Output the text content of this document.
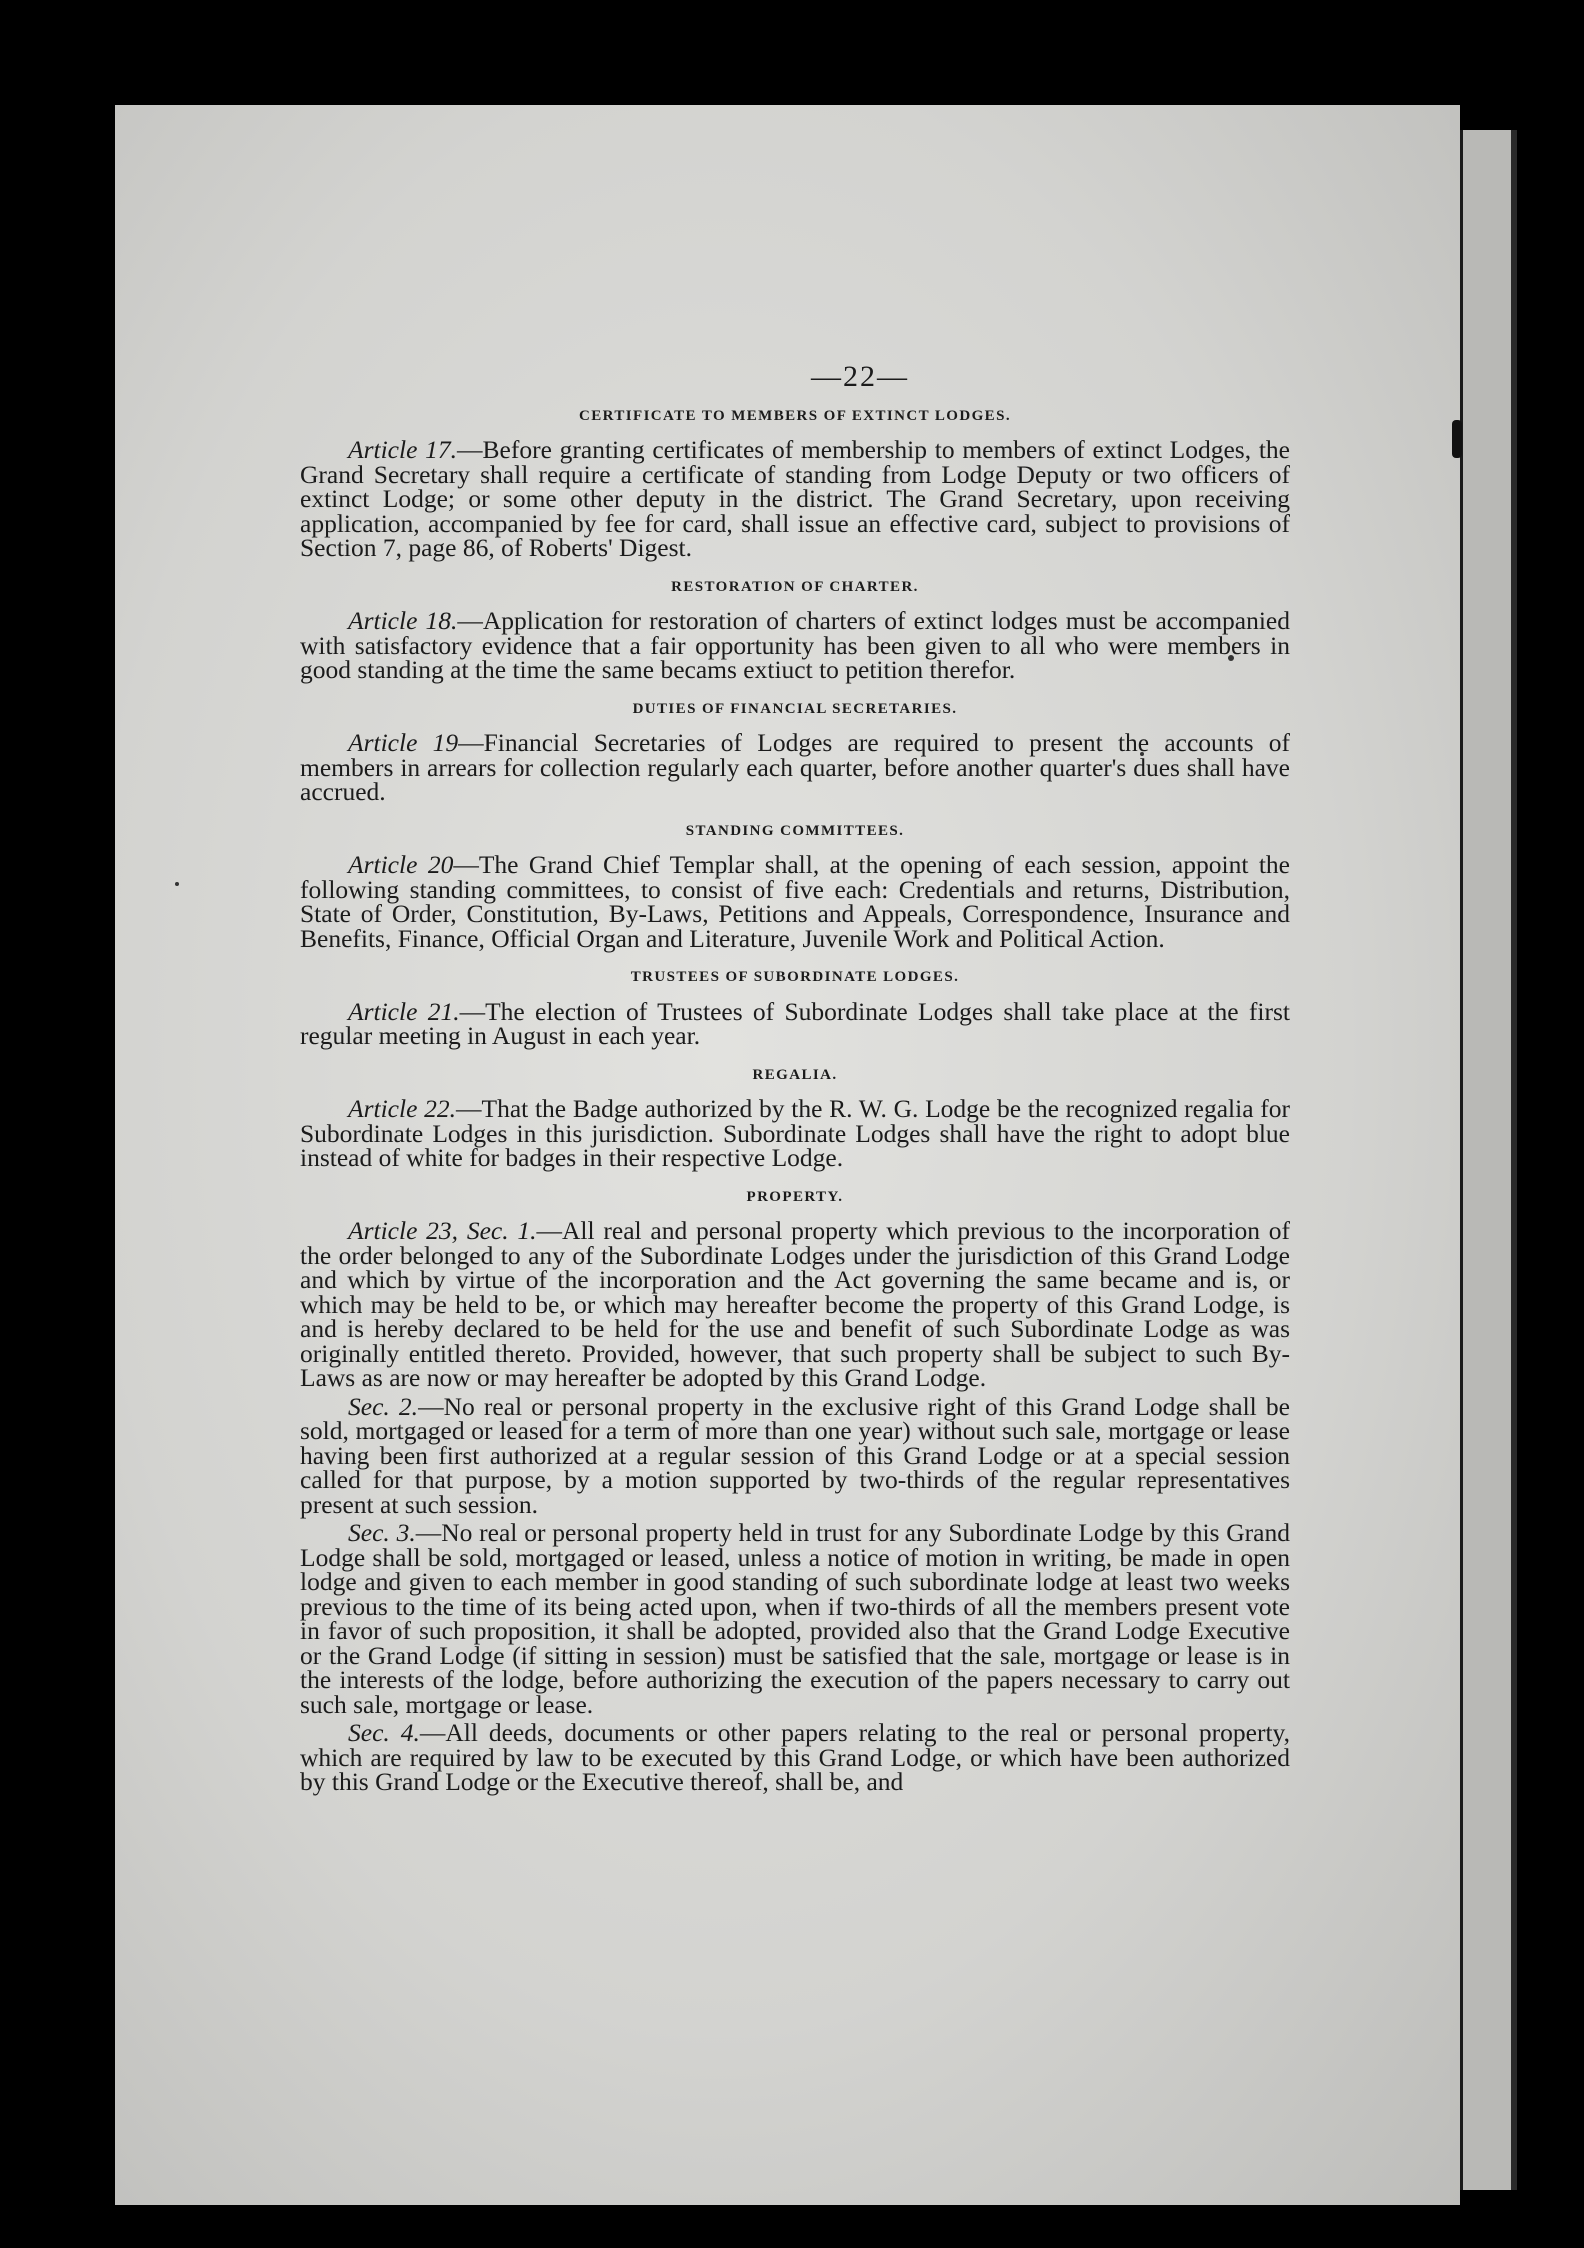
—22—
CERTIFICATE TO MEMBERS OF EXTINCT LODGES.

Article 17.—Before granting certificates of membership to members of extinct Lodges, the Grand Secretary shall require a certificate of standing from Lodge Deputy or two officers of extinct Lodge; or some other deputy in the district. The Grand Secretary, upon receiving application, accompanied by fee for card, shall issue an effective card, subject to provisions of Section 7, page 86, of Roberts' Digest.

RESTORATION OF CHARTER.

Article 18.—Application for restoration of charters of extinct lodges must be accompanied with satisfactory evidence that a fair opportunity has been given to all who were members in good standing at the time the same becams extiuct to petition therefor.

DUTIES OF FINANCIAL SECRETARIES.

Article 19—Financial Secretaries of Lodges are required to present the accounts of members in arrears for collection regularly each quarter, before another quarter's dues shall have accrued.

STANDING COMMITTEES.

Article 20—The Grand Chief Templar shall, at the opening of each session, appoint the following standing committees, to consist of five each: Credentials and returns, Distribution, State of Order, Constitution, By-Laws, Petitions and Appeals, Correspondence, Insurance and Benefits, Finance, Official Organ and Literature, Juvenile Work and Political Action.

TRUSTEES OF SUBORDINATE LODGES.

Article 21.—The election of Trustees of Subordinate Lodges shall take place at the first regular meeting in August in each year.

REGALIA.

Article 22.—That the Badge authorized by the R. W. G. Lodge be the recognized regalia for Subordinate Lodges in this jurisdiction. Subordinate Lodges shall have the right to adopt blue instead of white for badges in their respective Lodge.

PROPERTY.

Article 23, Sec. 1.—All real and personal property which previous to the incorporation of the order belonged to any of the Subordinate Lodges under the jurisdiction of this Grand Lodge and which by virtue of the incorporation and the Act governing the same became and is, or which may be held to be, or which may hereafter become the property of this Grand Lodge, is and is hereby declared to be held for the use and benefit of such Subordinate Lodge as was originally entitled thereto. Provided, however, that such property shall be subject to such By-Laws as are now or may hereafter be adopted by this Grand Lodge.

Sec. 2.—No real or personal property in the exclusive right of this Grand Lodge shall be sold, mortgaged or leased for a term of more than one year) without such sale, mortgage or lease having been first authorized at a regular session of this Grand Lodge or at a special session called for that purpose, by a motion supported by two-thirds of the regular representatives present at such session.

Sec. 3.—No real or personal property held in trust for any Subordinate Lodge by this Grand Lodge shall be sold, mortgaged or leased, unless a notice of motion in writing, be made in open lodge and given to each member in good standing of such subordinate lodge at least two weeks previous to the time of its being acted upon, when if two-thirds of all the members present vote in favor of such proposition, it shall be adopted, provided also that the Grand Lodge Executive or the Grand Lodge (if sitting in session) must be satisfied that the sale, mortgage or lease is in the interests of the lodge, before authorizing the execution of the papers necessary to carry out such sale, mortgage or lease.

Sec. 4.—All deeds, documents or other papers relating to the real or personal property, which are required by law to be executed by this Grand Lodge, or which have been authorized by this Grand Lodge or the Executive thereof, shall be, and
